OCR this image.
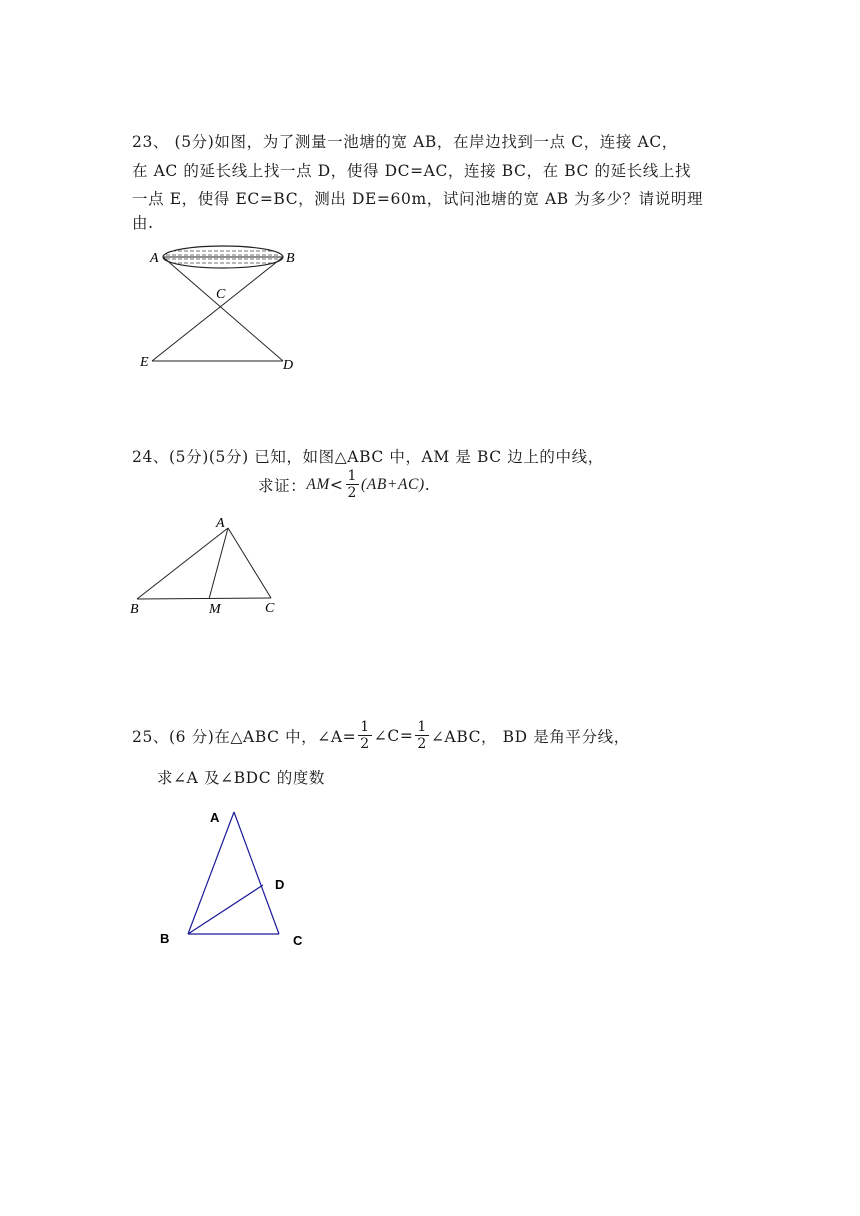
23、 (5分)如图，为了测量一池塘的宽 AB，在岸边找到一点 C，连接 AC，
在 AC 的延长线上找一点 D，使得 DC=AC，连接 BC，在 BC 的延长线上找
一点 E，使得 EC=BC，测出 DE=60m，试问池塘的宽 AB 为多少？请说明理
由.
A	B
C
E	D
A
B	M	C
A
D
B	C
24、(5分)(5分) 已知，如图△ABC 中，AM 是 BC 边上的中线，
求证： AM < $\frac{1}{2} (AB+AC)$ .
25、(6 分)在△ABC 中，∠A= $\frac{1}{2}$ ∠C= $\frac{1}{2}$ ∠ABC， BD 是角平分线，
求∠A 及∠BDC 的度数
